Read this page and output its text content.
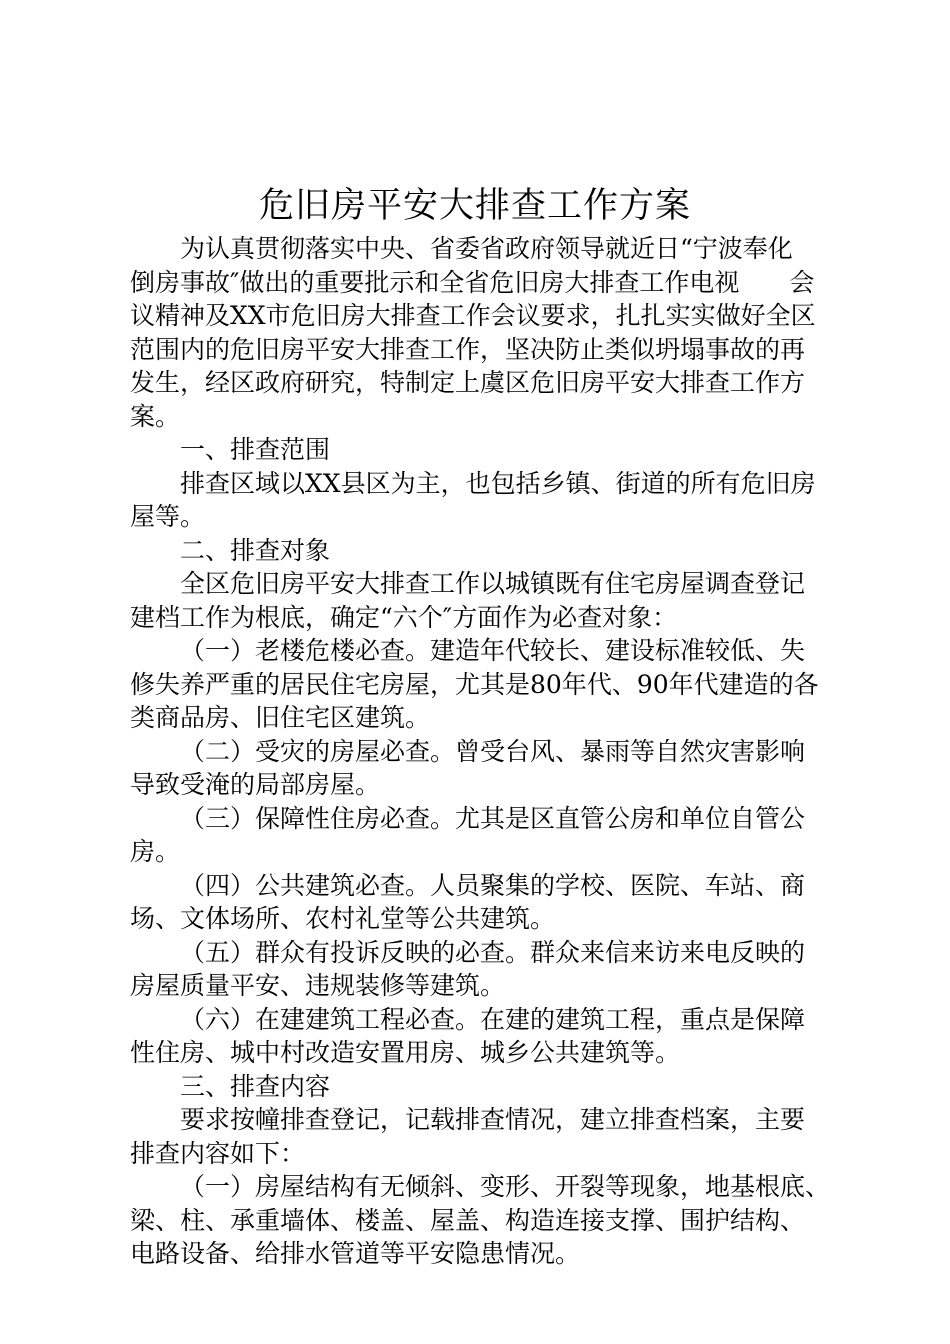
危旧房平安大排查工作方案
为认真贯彻落实中央、省委省政府领导就近日“宁波奉化
倒房事故″做出的重要批示和全省危旧房大排查工作电视　　会
议精神及XX市危旧房大排查工作会议要求，扎扎实实做好全区
范围内的危旧房平安大排查工作，坚决防止类似坍塌事故的再
发生，经区政府研究，特制定上虞区危旧房平安大排查工作方
案。
一、排查范围
排查区域以XX县区为主，也包括乡镇、街道的所有危旧房
屋等。
二、排查对象
全区危旧房平安大排查工作以城镇既有住宅房屋调查登记
建档工作为根底，确定“六个″方面作为必查对象：
（一）老楼危楼必查。建造年代较长、建设标准较低、失
修失养严重的居民住宅房屋，尤其是80年代、90年代建造的各
类商品房、旧住宅区建筑。
（二）受灾的房屋必查。曾受台风、暴雨等自然灾害影响
导致受淹的局部房屋。
（三）保障性住房必查。尤其是区直管公房和单位自管公
房。
（四）公共建筑必查。人员聚集的学校、医院、车站、商
场、文体场所、农村礼堂等公共建筑。
（五）群众有投诉反映的必查。群众来信来访来电反映的
房屋质量平安、违规装修等建筑。
（六）在建建筑工程必查。在建的建筑工程，重点是保障
性住房、城中村改造安置用房、城乡公共建筑等。
三、排查内容
要求按幢排查登记，记载排查情况，建立排查档案，主要
排查内容如下：
（一）房屋结构有无倾斜、变形、开裂等现象，地基根底、
梁、柱、承重墙体、楼盖、屋盖、构造连接支撑、围护结构、
电路设备、给排水管道等平安隐患情况。
